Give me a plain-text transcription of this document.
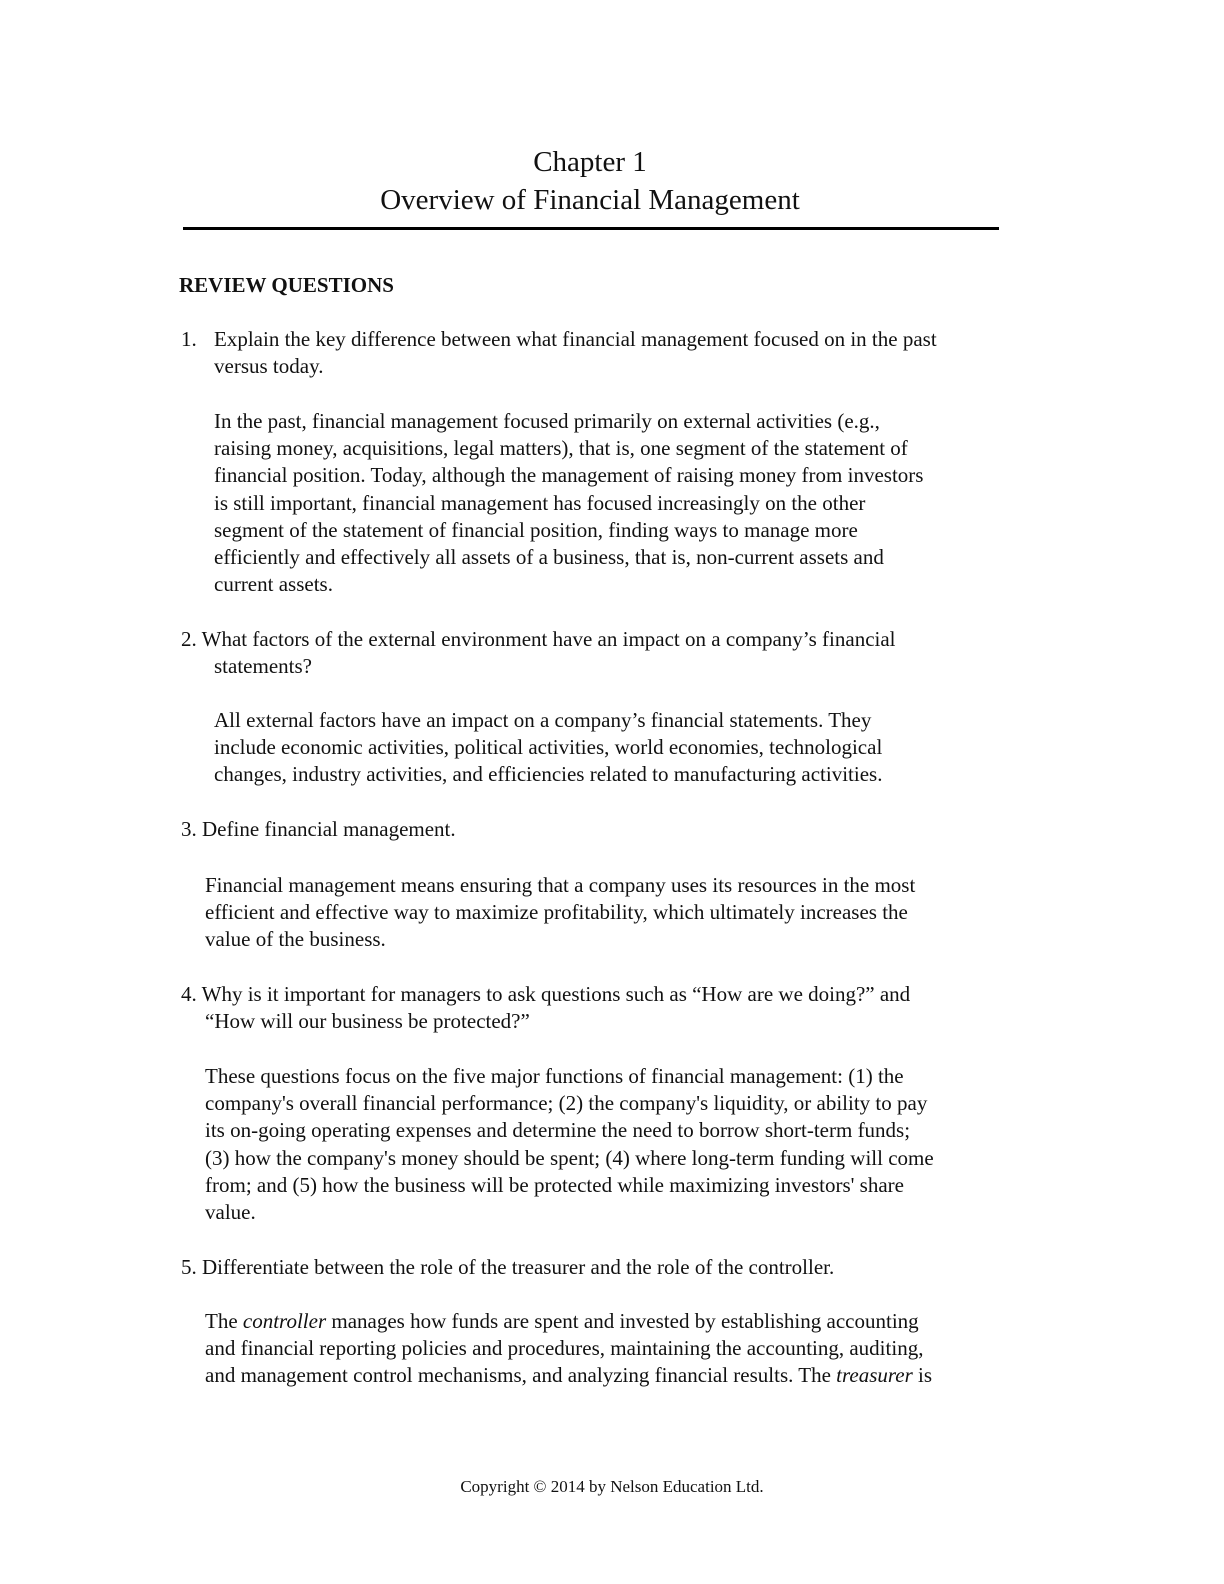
Chapter 1
Overview of Financial Management
REVIEW QUESTIONS
1. Explain the key difference between what financial management focused on in the past
versus today.
In the past, financial management focused primarily on external activities (e.g.,
raising money, acquisitions, legal matters), that is, one segment of the statement of
financial position. Today, although the management of raising money from investors
is still important, financial management has focused increasingly on the other
segment of the statement of financial position, finding ways to manage more
efficiently and effectively all assets of a business, that is, non-current assets and
current assets.
2. What factors of the external environment have an impact on a company’s financial
statements?
All external factors have an impact on a company’s financial statements. They
include economic activities, political activities, world economies, technological
changes, industry activities, and efficiencies related to manufacturing activities.
3. Define financial management.
Financial management means ensuring that a company uses its resources in the most
efficient and effective way to maximize profitability, which ultimately increases the
value of the business.
4. Why is it important for managers to ask questions such as “How are we doing?” and
“How will our business be protected?”
These questions focus on the five major functions of financial management: (1) the
company's overall financial performance; (2) the company's liquidity, or ability to pay
its on-going operating expenses and determine the need to borrow short-term funds;
(3) how the company's money should be spent; (4) where long-term funding will come
from; and (5) how the business will be protected while maximizing investors' share
value.
5. Differentiate between the role of the treasurer and the role of the controller.
The controller manages how funds are spent and invested by establishing accounting
and financial reporting policies and procedures, maintaining the accounting, auditing,
and management control mechanisms, and analyzing financial results. The treasurer is
Copyright © 2014 by Nelson Education Ltd.
